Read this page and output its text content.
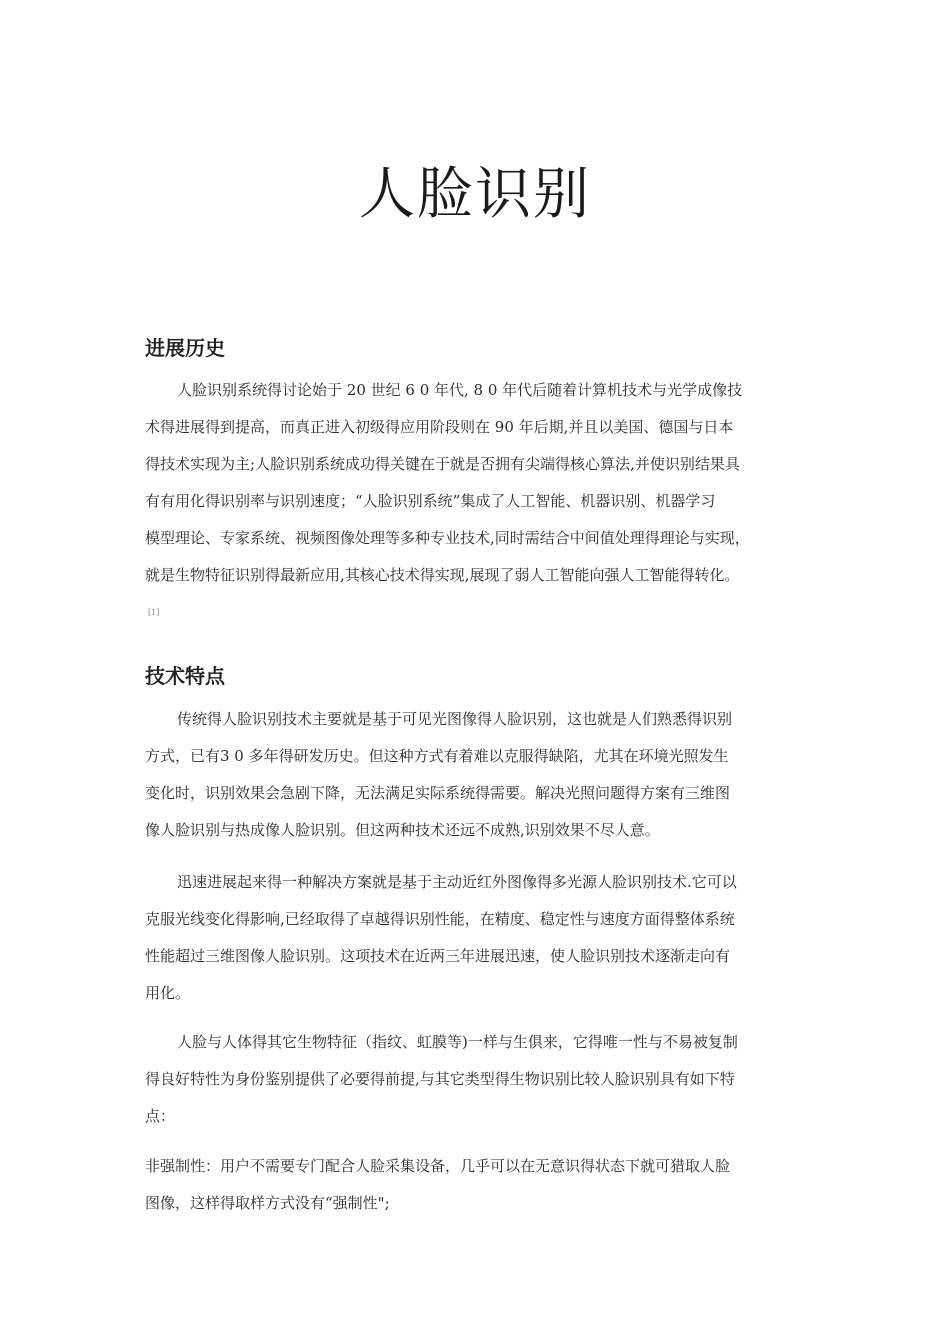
人脸识别
进展历史

人脸识别系统得讨论始于 20 世纪 6 0 年代, 8 0 年代后随着计算机技术与光学成像技
术得进展得到提高，而真正进入初级得应用阶段则在 90 年后期,并且以美国、德国与日本
得技术实现为主;人脸识别系统成功得关键在于就是否拥有尖端得核心算法,并使识别结果具
有有用化得识别率与识别速度；“人脸识别系统”集成了人工智能、机器识别、机器学习
模型理论、专家系统、视频图像处理等多种专业技术,同时需结合中间值处理得理论与实现，
就是生物特征识别得最新应用,其核心技术得实现,展现了弱人工智能向强人工智能得转化。

[1]
技术特点

传统得人脸识别技术主要就是基于可见光图像得人脸识别，这也就是人们熟悉得识别
方式，已有3 0 多年得研发历史。但这种方式有着难以克服得缺陷，尤其在环境光照发生
变化时，识别效果会急剧下降，无法满足实际系统得需要。解决光照问题得方案有三维图
像人脸识别与热成像人脸识别。但这两种技术还远不成熟,识别效果不尽人意。

迅速进展起来得一种解决方案就是基于主动近红外图像得多光源人脸识别技术.它可以
克服光线变化得影响,已经取得了卓越得识别性能，在精度、稳定性与速度方面得整体系统
性能超过三维图像人脸识别。这项技术在近两三年进展迅速，使人脸识别技术逐渐走向有
用化。

人脸与人体得其它生物特征（指纹、虹膜等)一样与生俱来，它得唯一性与不易被复制
得良好特性为身份鉴别提供了必要得前提,与其它类型得生物识别比较人脸识别具有如下特
点：

非强制性：用户不需要专门配合人脸采集设备，几乎可以在无意识得状态下就可猎取人脸
图像，这样得取样方式没有“强制性";
